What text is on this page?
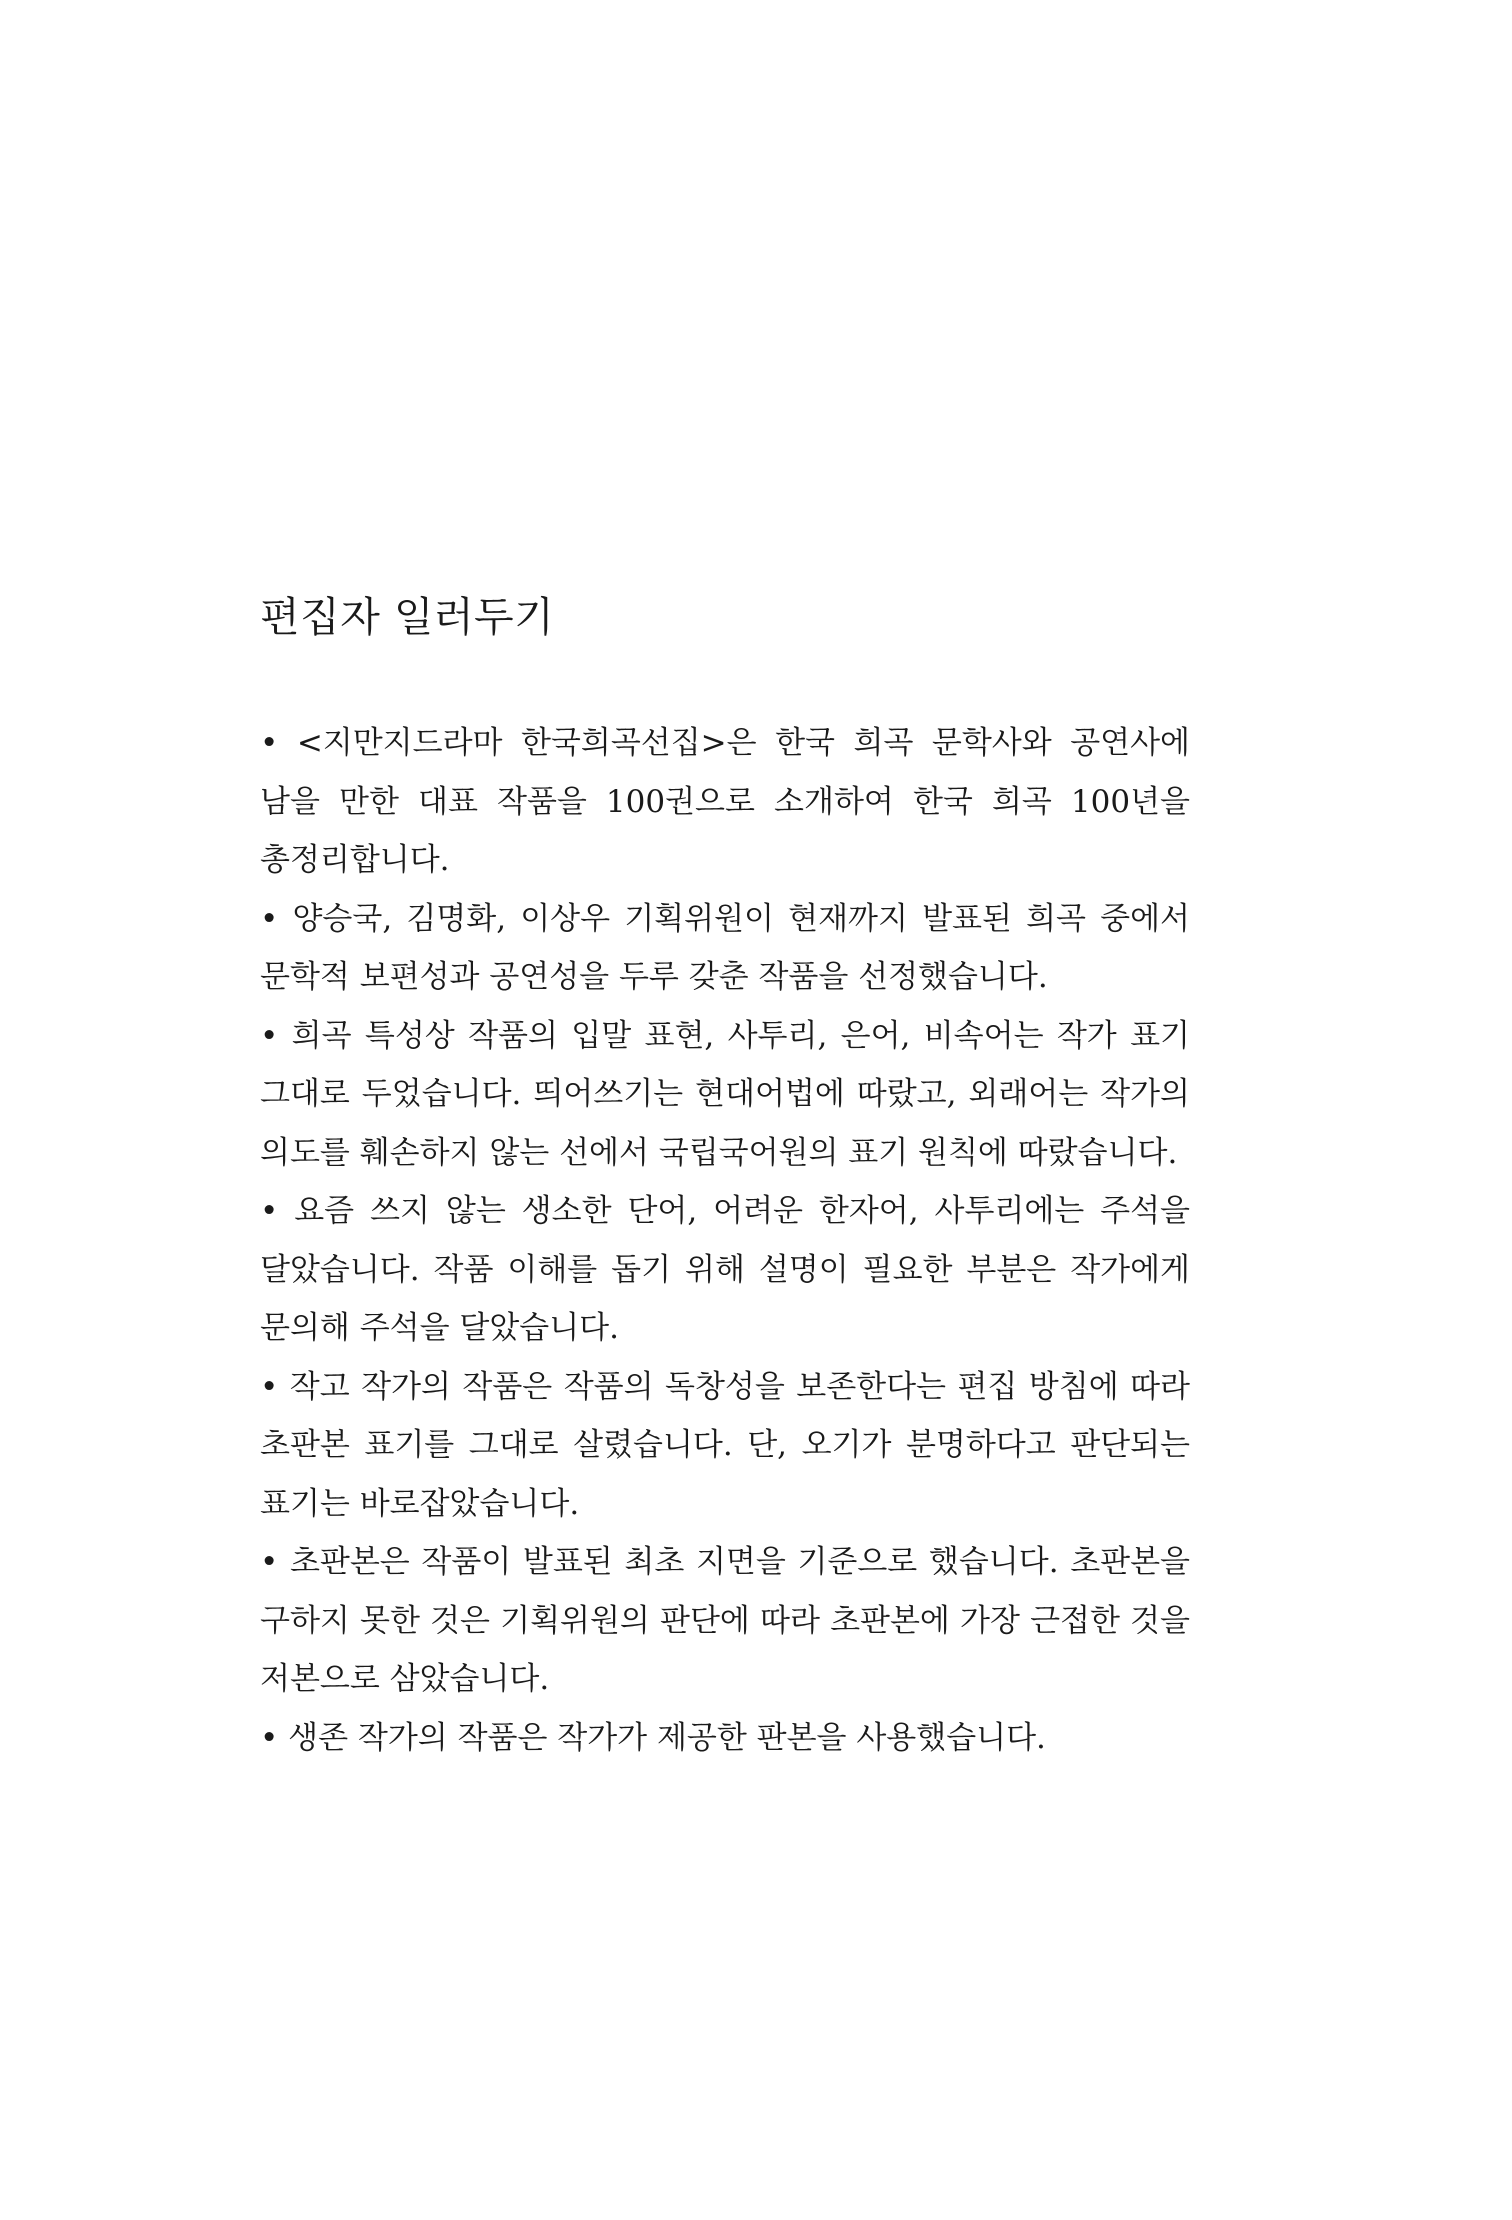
편집자 일러두기
• <지만지드라마 한국희곡선집>은 한국 희곡 문학사와 공연사에 남을 만한 대표 작품을 100권으로 소개하여 한국 희곡 100년을 총정리합니다.
• 양승국, 김명화, 이상우 기획위원이 현재까지 발표된 희곡 중에서 문학적 보편성과 공연성을 두루 갖춘 작품을 선정했습니다.
• 희곡 특성상 작품의 입말 표현, 사투리, 은어, 비속어는 작가 표기 그대로 두었습니다. 띄어쓰기는 현대어법에 따랐고, 외래어는 작가의 의도를 훼손하지 않는 선에서 국립국어원의 표기 원칙에 따랐습니다.
• 요즘 쓰지 않는 생소한 단어, 어려운 한자어, 사투리에는 주석을 달았습니다. 작품 이해를 돕기 위해 설명이 필요한 부분은 작가에게 문의해 주석을 달았습니다.
• 작고 작가의 작품은 작품의 독창성을 보존한다는 편집 방침에 따라 초판본 표기를 그대로 살렸습니다. 단, 오기가 분명하다고 판단되는 표기는 바로잡았습니다.
• 초판본은 작품이 발표된 최초 지면을 기준으로 했습니다. 초판본을 구하지 못한 것은 기획위원의 판단에 따라 초판본에 가장 근접한 것을 저본으로 삼았습니다.
• 생존 작가의 작품은 작가가 제공한 판본을 사용했습니다.
